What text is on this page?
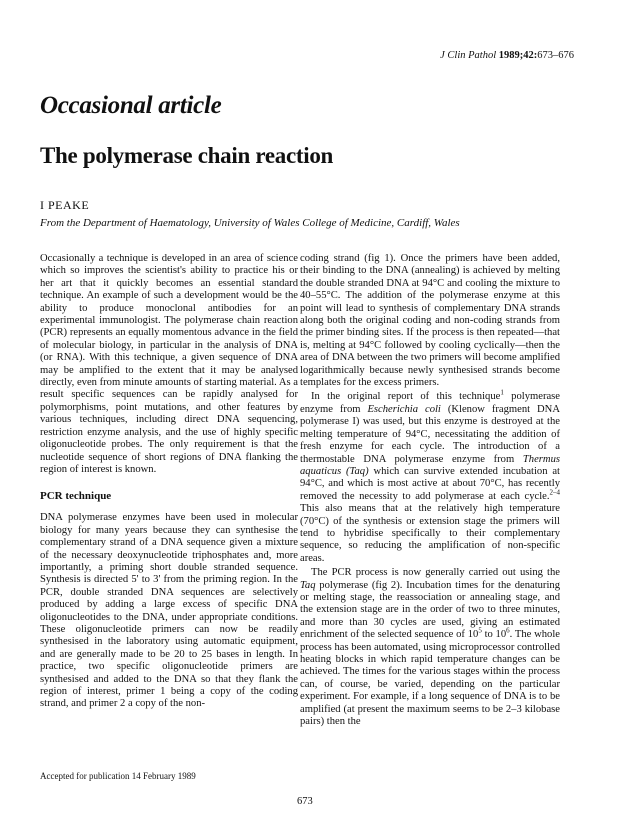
J Clin Pathol 1989;42:673–676
Occasional article
The polymerase chain reaction
I PEAKE
From the Department of Haematology, University of Wales College of Medicine, Cardiff, Wales

Occasionally a technique is developed in an area of science which so improves the scientist's ability to practice his or her art that it quickly becomes an essential standard technique. An example of such a development would be the ability to produce monoclonal antibodies for an experimental immunologist. The polymerase chain reaction (PCR) represents an equally momentous advance in the field of molecular biology, in particular in the analysis of DNA (or RNA). With this technique, a given sequence of DNA may be amplified to the extent that it may be analysed directly, even from minute amounts of starting material. As a result specific sequences can be rapidly analysed for polymorphisms, point mutations, and other features by various techniques, including direct DNA sequencing, restriction enzyme analysis, and the use of highly specific oligonucleotide probes. The only requirement is that the nucleotide sequence of short regions of DNA flanking the region of interest is known.

PCR technique

DNA polymerase enzymes have been used in molecular biology for many years because they can synthesise the complementary strand of a DNA sequence given a mixture of the necessary deoxynucleotide triphosphates and, more importantly, a priming short double stranded sequence. Synthesis is directed 5' to 3' from the priming region. In the PCR, double stranded DNA sequences are selectively produced by adding a large excess of specific DNA oligonucleotides to the DNA, under appropriate conditions. These oligonucleotide primers can now be readily synthesised in the laboratory using automatic equipment, and are generally made to be 20 to 25 bases in length. In practice, two specific oligonucleotide primers are synthesised and added to the DNA so that they flank the region of interest, primer 1 being a copy of the coding strand, and primer 2 a copy of the non-

Accepted for publication 14 February 1989

coding strand (fig 1). Once the primers have been added, their binding to the DNA (annealing) is achieved by melting the double stranded DNA at 94°C and cooling the mixture to 40–55°C. The addition of the polymerase enzyme at this point will lead to synthesis of complementary DNA strands along both the original coding and non-coding strands from the primer binding sites. If the process is then repeated—that is, melting at 94°C followed by cooling cyclically—then the area of DNA between the two primers will become amplified logarithmically because newly synthesised strands become templates for the excess primers.

In the original report of this technique$^1$ polymerase enzyme from Escherichia coli (Klenow fragment DNA polymerase I) was used, but this enzyme is destroyed at the melting temperature of 94°C, necessitating the addition of fresh enzyme for each cycle. The introduction of a thermostable DNA polymerase enzyme from Thermus aquaticus (Taq) which can survive extended incubation at 94°C, and which is most active at about 70°C, has recently removed the necessity to add polymerase at each cycle.$^{2-4}$ This also means that at the relatively high temperature (70°C) of the synthesis or extension stage the primers will tend to hybridise specifically to their complementary sequence, so reducing the amplification of non-specific areas.

The PCR process is now generally carried out using the Taq polymerase (fig 2). Incubation times for the denaturing or melting stage, the reassociation or annealing stage, and the extension stage are in the order of two to three minutes, and more than 30 cycles are used, giving an estimated enrichment of the selected sequence of $10^5$ to $10^6$. The whole process has been automated, using microprocessor controlled heating blocks in which rapid temperature changes can be achieved. The times for the various stages within the process can, of course, be varied, depending on the particular experiment. For example, if a long sequence of DNA is to be amplified (at present the maximum seems to be 2–3 kilobase pairs) then the

673
